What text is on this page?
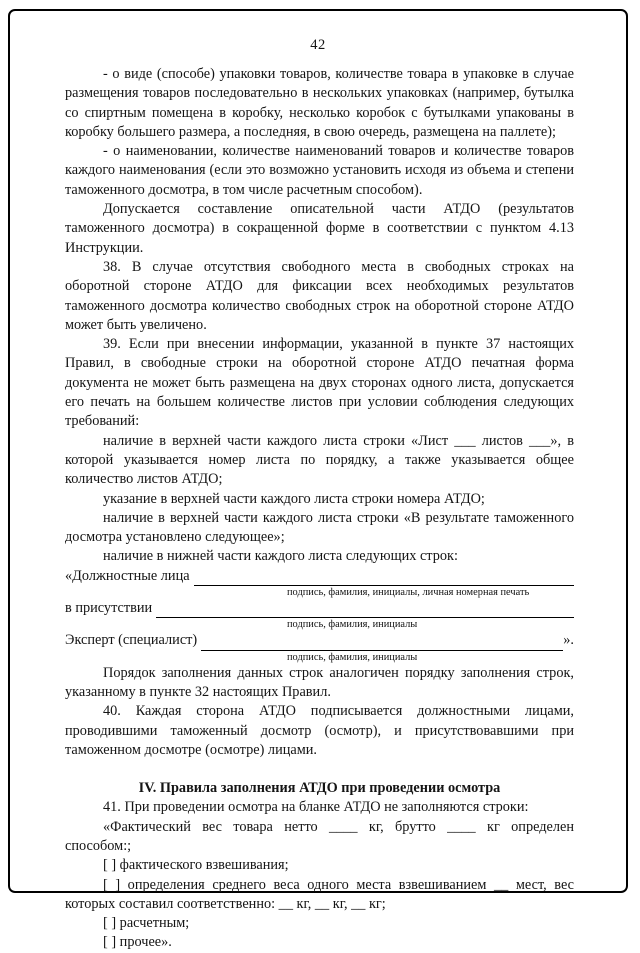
42

- о виде (способе) упаковки товаров, количестве товара в упаковке в случае размещения товаров последовательно в нескольких упаковках (например, бутылка со спиртным помещена в коробку, несколько коробок с бутылками упакованы в коробку большего размера, а последняя, в свою очередь, размещена на паллете);

- о наименовании, количестве наименований товаров и количестве товаров каждого наименования (если это возможно установить исходя из объема и степени таможенного досмотра, в том числе расчетным способом).

Допускается составление описательной части АТДО (результатов таможенного досмотра) в сокращенной форме в соответствии с пунктом 4.13 Инструкции.

38. В случае отсутствия свободного места в свободных строках на оборотной стороне АТДО для фиксации всех необходимых результатов таможенного досмотра количество свободных строк на оборотной стороне АТДО может быть увеличено.

39. Если при внесении информации, указанной в пункте 37 настоящих Правил, в свободные строки на оборотной стороне АТДО печатная форма документа не может быть размещена на двух сторонах одного листа, допускается его печать на большем количестве листов при условии соблюдения следующих требований:

наличие в верхней части каждого листа строки «Лист ___ листов ___», в которой указывается номер листа по порядку, а также указывается общее количество листов АТДО;

указание в верхней части каждого листа строки номера АТДО;

наличие в верхней части каждого листа строки «В результате таможенного досмотра установлено следующее»;

наличие в нижней части каждого листа следующих строк:

«Должностные лица
подпись, фамилия, инициалы, личная номерная печать
в присутствии
подпись, фамилия, инициалы
Эксперт (специалист)	».
подпись, фамилия, инициалы

Порядок заполнения данных строк аналогичен порядку заполнения строк, указанному в пункте 32 настоящих Правил.

40. Каждая сторона АТДО подписывается должностными лицами, проводившими таможенный досмотр (осмотр), и присутствовавшими при таможенном досмотре (осмотре) лицами.

IV. Правила заполнения АТДО при проведении осмотра

41. При проведении осмотра на бланке АТДО не заполняются строки:

«Фактический вес товара нетто ____ кг, брутто ____ кг определен способом:;

[ ] фактического взвешивания;

[ ] определения среднего веса одного места взвешиванием __ мест, вес которых составил соответственно: __ кг, __ кг, __ кг;

[ ] расчетным;

[ ] прочее».
